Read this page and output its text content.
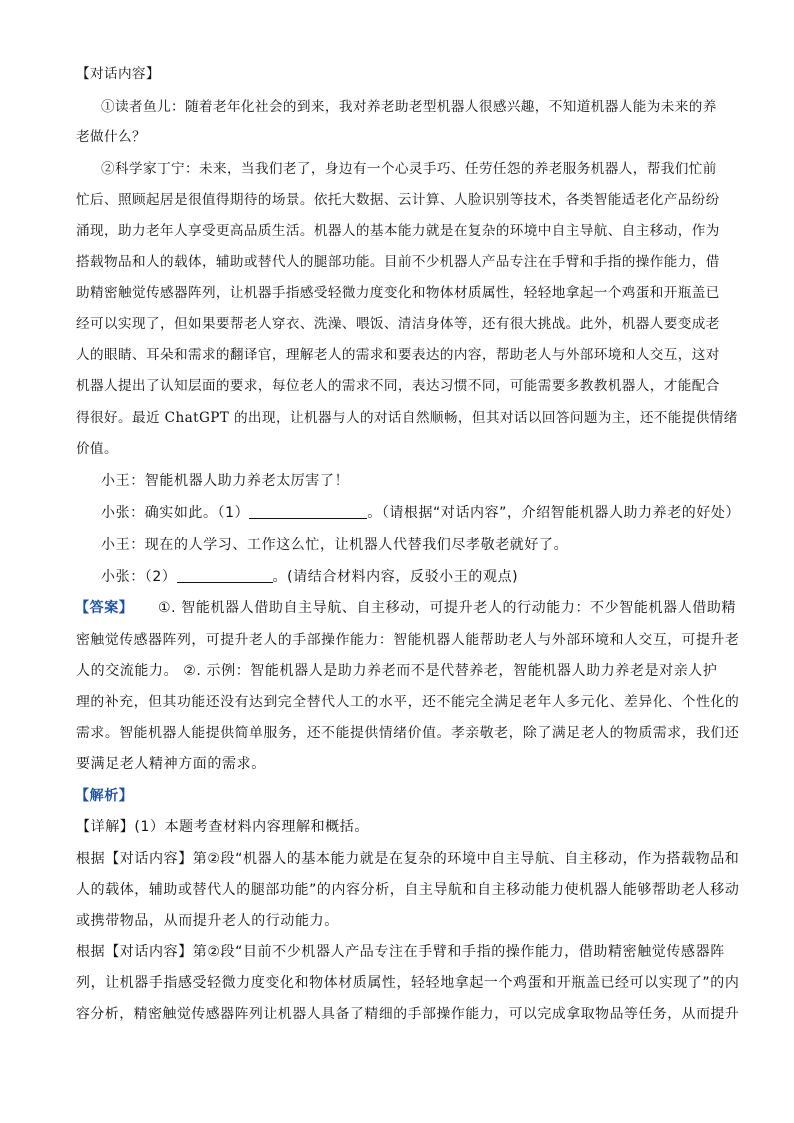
【对话内容】
①读者鱼儿：随着老年化社会的到来，我对养老助老型机器人很感兴趣，不知道机器人能为未来的养
老做什么？
②科学家丁宁：未来，当我们老了，身边有一个心灵手巧、任劳任怨的养老服务机器人，帮我们忙前
忙后、照顾起居是很值得期待的场景。依托大数据、云计算、人脸识别等技术，各类智能适老化产品纷纷
涌现，助力老年人享受更高品质生活。机器人的基本能力就是在复杂的环境中自主导航、自主移动，作为
搭载物品和人的载体，辅助或替代人的腿部功能。目前不少机器人产品专注在手臂和手指的操作能力，借
助精密触觉传感器阵列，让机器手指感受轻微力度变化和物体材质属性，轻轻地拿起一个鸡蛋和开瓶盖已
经可以实现了，但如果要帮老人穿衣、洗澡、喂饭、清洁身体等，还有很大挑战。此外，机器人要变成老
人的眼睛、耳朵和需求的翻译官，理解老人的需求和要表达的内容，帮助老人与外部环境和人交互，这对
机器人提出了认知层面的要求，每位老人的需求不同，表达习惯不同，可能需要多教教机器人，才能配合
得很好。最近 ChatGPT 的出现，让机器与人的对话自然顺畅，但其对话以回答问题为主，还不能提供情绪
价值。
小王：智能机器人助力养老太厉害了！
小张：确实如此。（1）	。（请根据“对话内容”，介绍智能机器人助力养老的好处）
小王：现在的人学习、工作这么忙，让机器人代替我们尽孝敬老就好了。
小张：（2）	。(请结合材料内容，反驳小王的观点)
【答案】 ①. 智能机器人借助自主导航、自主移动，可提升老人的行动能力：不少智能机器人借助精
密触觉传感器阵列，可提升老人的手部操作能力：智能机器人能帮助老人与外部环境和人交互，可提升老
人的交流能力。 ②. 示例：智能机器人是助力养老而不是代替养老，智能机器人助力养老是对亲人护
理的补充，但其功能还没有达到完全替代人工的水平，还不能完全满足老年人多元化、差异化、个性化的
需求。智能机器人能提供简单服务，还不能提供情绪价值。孝亲敬老，除了满足老人的物质需求，我们还
要满足老人精神方面的需求。
【解析】
【详解】(1）本题考查材料内容理解和概括。
根据【对话内容】第②段“机器人的基本能力就是在复杂的环境中自主导航、自主移动，作为搭载物品和
人的载体，辅助或替代人的腿部功能”的内容分析，自主导航和自主移动能力使机器人能够帮助老人移动
或携带物品，从而提升老人的行动能力。
根据【对话内容】第②段“目前不少机器人产品专注在手臂和手指的操作能力，借助精密触觉传感器阵
列，让机器手指感受轻微力度变化和物体材质属性，轻轻地拿起一个鸡蛋和开瓶盖已经可以实现了”的内
容分析，精密触觉传感器阵列让机器人具备了精细的手部操作能力，可以完成拿取物品等任务，从而提升
